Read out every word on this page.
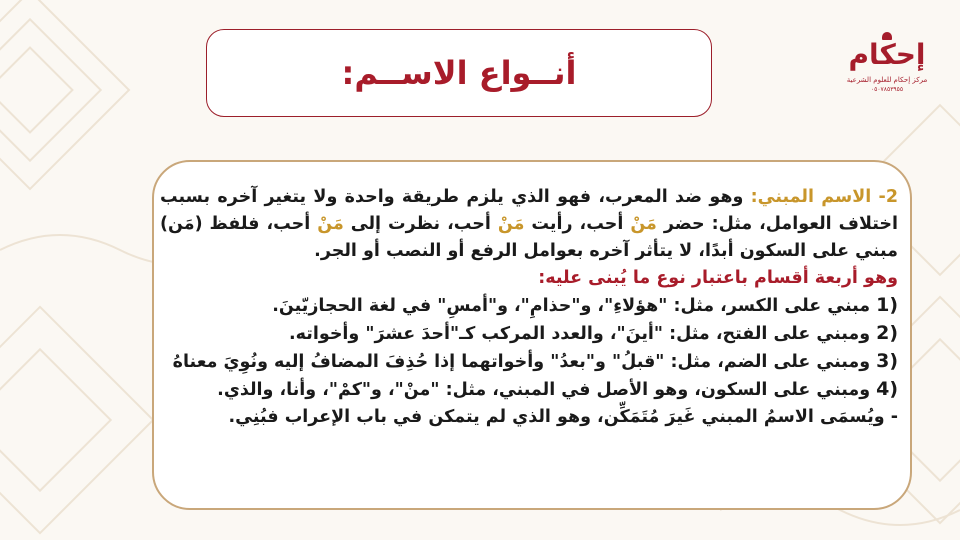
أنــواع الاســم:	إحكام
مركز إحكام للعلوم الشرعية
٠٥٠٧٨٥٣٩٥٥

2- الاسم المبني: وهو ضد المعرب، فهو الذي يلزم طريقة واحدة ولا يتغير آخره بسبب اختلاف العوامل، مثل: حضر مَنْ أحب، رأيت مَنْ أحب، نظرت إلى مَنْ أحب، فلفظ (مَن) مبني على السكون أبدًا، لا يتأثر آخره بعوامل الرفع أو النصب أو الجر.

وهو أربعة أقسام باعتبار نوع ما يُبنى عليه:

1)
مبني على الكسر، مثل: "هؤلاءِ"، و"حذامِ"، و"أمسِ" في لغة الحجازيّينَ.
2)
ومبني على الفتح، مثل: "أينَ"، والعدد المركب كـ"أحدَ عشرَ" وأخواته.
3)
ومبني على الضم، مثل: "قبلُ" و"بعدُ" وأخواتهما إذا حُذِفَ المضافُ إليه ونُوِيَ معناهُ
4)
ومبني على السكون، وهو الأصل في المبني، مثل: "منْ"، و"كمْ"، وأنا، والذي.

- ويُسمَى الاسمُ المبني غَيرَ مُتَمَكِّن، وهو الذي لم يتمكن في باب الإعراب فبُنِي.
